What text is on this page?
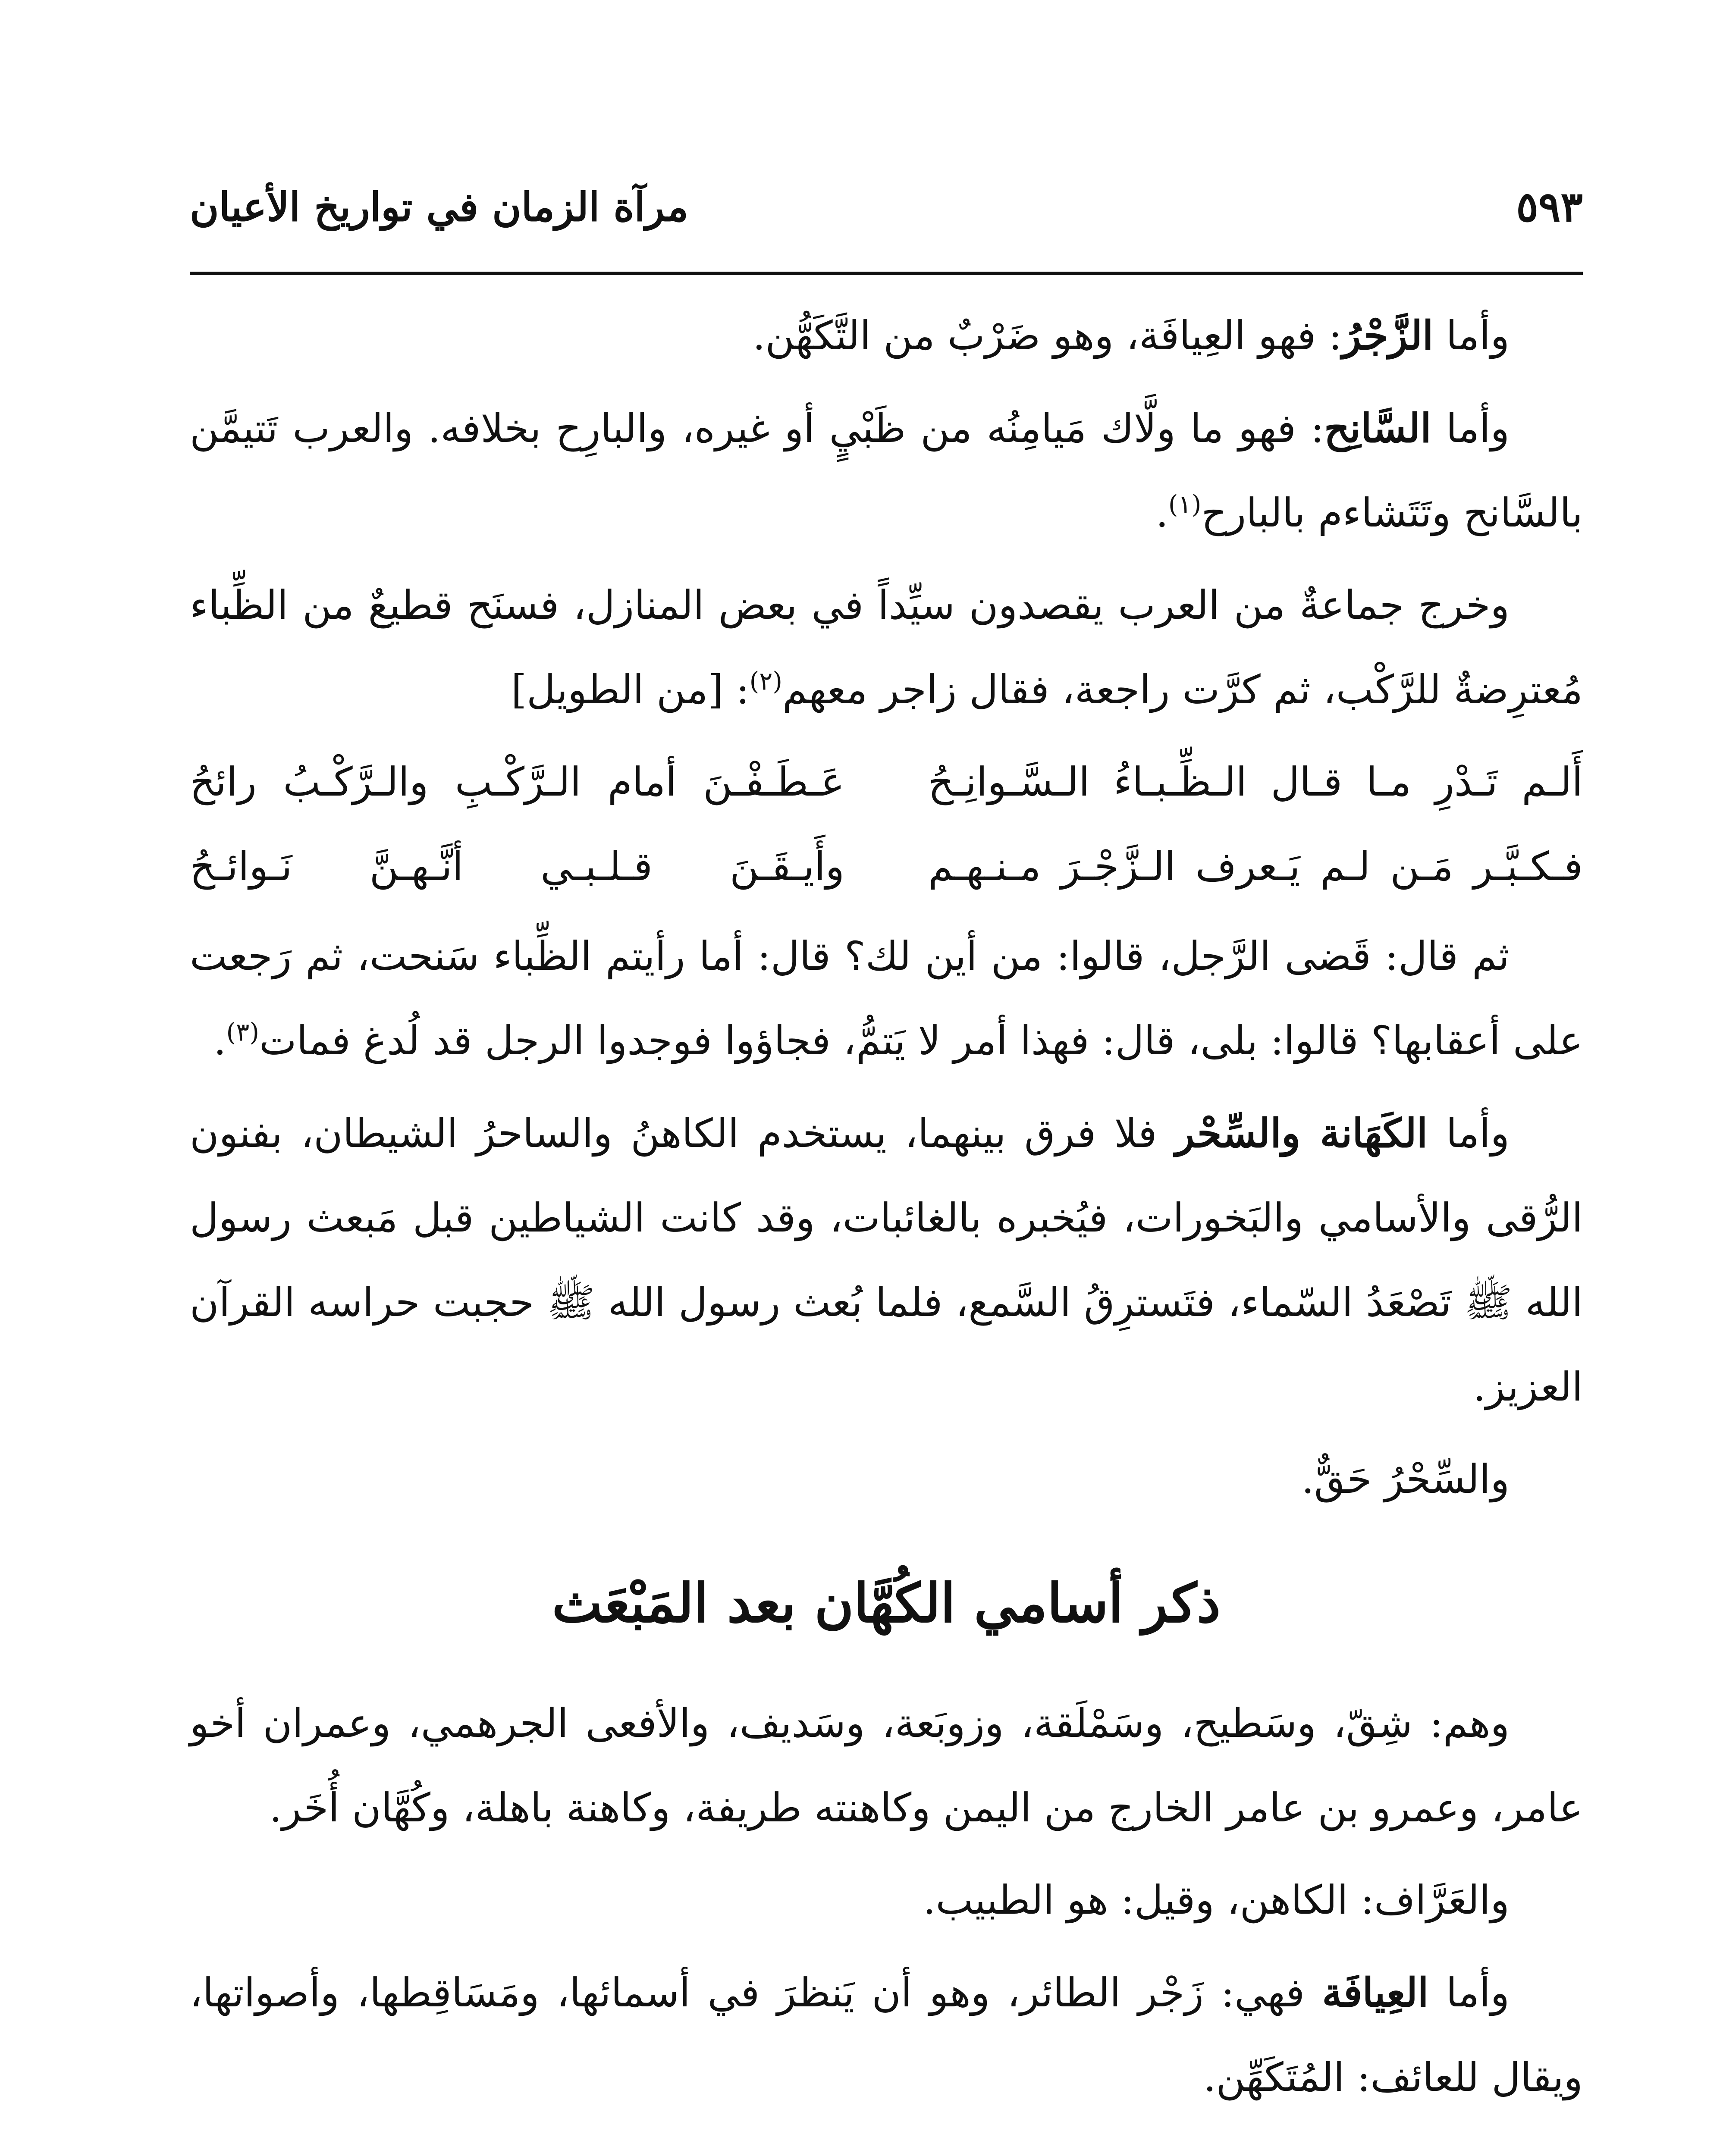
٥٩٣
مرآة الزمان في تواريخ الأعيان

وأما الزَّجْرُ: فهو العِيافَة، وهو ضَرْبٌ من التَّكَهُّن.

وأما السَّانِح: فهو ما ولَّاك مَيامِنُه من ظَبْيٍ أو غيره، والبارِح بخلافه. والعرب تَتيمَّن بالسَّانح وتَتَشاءم بالبارح$^{(١)}$.

وخرج جماعةٌ من العرب يقصدون سيِّداً في بعض المنازل، فسنَح قطيعٌ من الظِّباء مُعترِضةٌ للرَّكْب، ثم كرَّت راجعة، فقال زاجر معهم$^{(٢)}$: [من الطويل]

أَلـم تَـدْرِ مـا قـال الـظِّـبـاءُ الـسَّـوانِـحُ
عَـطَـفْـنَ أمام الـرَّكْـبِ والـرَّكْـبُ رائحُ
فـكـبَّـر مَـن لـم يَـعرف الـزَّجْـرَ مـنـهـم
وأَيـقَـنَ قـلـبـي أنَّـهـنَّ نَـوائـحُ

ثم قال: قَضى الرَّجل، قالوا: من أين لك؟ قال: أما رأيتم الظِّباء سَنحت، ثم رَجعت على أعقابها؟ قالوا: بلى، قال: فهذا أمر لا يَتمُّ، فجاؤوا فوجدوا الرجل قد لُدغ فمات$^{(٣)}$.

وأما الكَهَانة والسِّحْر فلا فرق بينهما، يستخدم الكاهنُ والساحرُ الشيطان، بفنون الرُّقى والأسامي والبَخورات، فيُخبره بالغائبات، وقد كانت الشياطين قبل مَبعث رسول الله ﷺ تَصْعَدُ السّماء، فتَسترِقُ السَّمع، فلما بُعث رسول الله ﷺ حجبت حراسه القرآن العزيز.

والسِّحْرُ حَقٌّ.

ذكر أسامي الكُهَّان بعد المَبْعَث

وهم: شِقّ، وسَطيح، وسَمْلَقة، وزوبَعة، وسَديف، والأفعى الجرهمي، وعمران أخو عامر، وعمرو بن عامر الخارج من اليمن وكاهنته طريفة، وكاهنة باهلة، وكُهَّان أُخَر.

والعَرَّاف: الكاهن، وقيل: هو الطبيب.

وأما العِيافَة فهي: زَجْر الطائر، وهو أن يَنظرَ في أسمائها، ومَسَاقِطها، وأصواتها، ويقال للعائف: المُتَكَهِّن.
